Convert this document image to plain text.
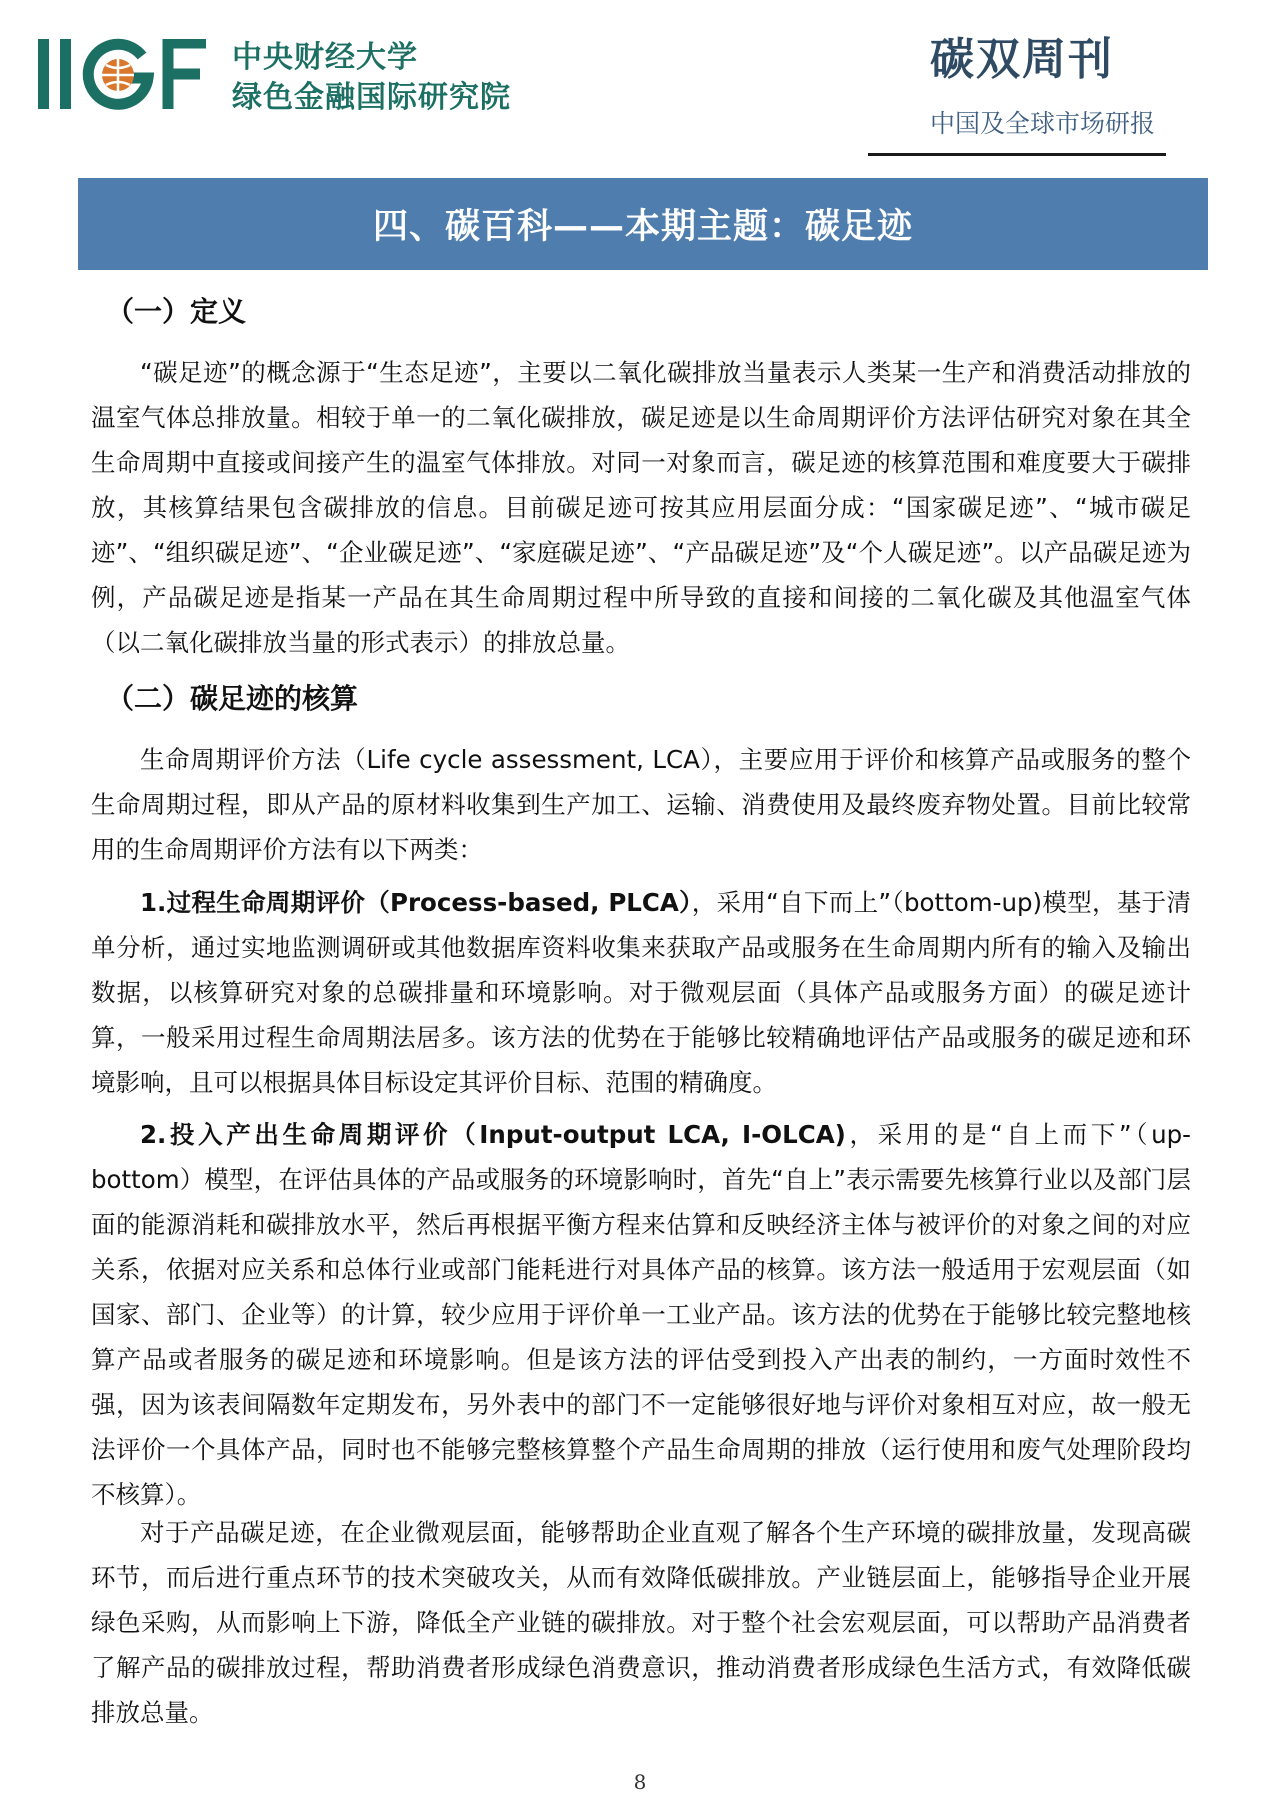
中央财经大学
绿色金融国际研究院
碳双周刊
中国及全球市场研报
四、碳百科——本期主题：碳足迹
（一）定义

“碳足迹”的概念源于“生态足迹”，主要以二氧化碳排放当量表示人类某一生产和消费活动排放的温室气体总排放量。相较于单一的二氧化碳排放，碳足迹是以生命周期评价方法评估研究对象在其全生命周期中直接或间接产生的温室气体排放。对同一对象而言，碳足迹的核算范围和难度要大于碳排放，其核算结果包含碳排放的信息。目前碳足迹可按其应用层面分成：“国家碳足迹”、“城市碳足迹”、“组织碳足迹”、“企业碳足迹”、“家庭碳足迹”、“产品碳足迹”及“个人碳足迹”。以产品碳足迹为例，产品碳足迹是指某一产品在其生命周期过程中所导致的直接和间接的二氧化碳及其他温室气体（以二氧化碳排放当量的形式表示）的排放总量。

（二）碳足迹的核算

生命周期评价方法（Life cycle assessment, LCA），主要应用于评价和核算产品或服务的整个生命周期过程，即从产品的原材料收集到生产加工、运输、消费使用及最终废弃物处置。目前比较常用的生命周期评价方法有以下两类：

1.过程生命周期评价（Process-based, PLCA），采用“自下而上”（bottom-up)模型，基于清单分析，通过实地监测调研或其他数据库资料收集来获取产品或服务在生命周期内所有的输入及输出数据，以核算研究对象的总碳排量和环境影响。对于微观层面（具体产品或服务方面）的碳足迹计算，一般采用过程生命周期法居多。该方法的优势在于能够比较精确地评估产品或服务的碳足迹和环境影响，且可以根据具体目标设定其评价目标、范围的精确度。

2.投入产出生命周期评价（Input-output LCA, I-OLCA)，采用的是“自上而下”（up-bottom）模型，在评估具体的产品或服务的环境影响时，首先“自上”表示需要先核算行业以及部门层面的能源消耗和碳排放水平，然后再根据平衡方程来估算和反映经济主体与被评价的对象之间的对应关系，依据对应关系和总体行业或部门能耗进行对具体产品的核算。该方法一般适用于宏观层面（如国家、部门、企业等）的计算，较少应用于评价单一工业产品。该方法的优势在于能够比较完整地核算产品或者服务的碳足迹和环境影响。但是该方法的评估受到投入产出表的制约，一方面时效性不强，因为该表间隔数年定期发布，另外表中的部门不一定能够很好地与评价对象相互对应，故一般无法评价一个具体产品，同时也不能够完整核算整个产品生命周期的排放（运行使用和废气处理阶段均不核算）。

对于产品碳足迹，在企业微观层面，能够帮助企业直观了解各个生产环境的碳排放量，发现高碳环节，而后进行重点环节的技术突破攻关，从而有效降低碳排放。产业链层面上，能够指导企业开展绿色采购，从而影响上下游，降低全产业链的碳排放。对于整个社会宏观层面，可以帮助产品消费者了解产品的碳排放过程，帮助消费者形成绿色消费意识，推动消费者形成绿色生活方式，有效降低碳排放总量。

8
